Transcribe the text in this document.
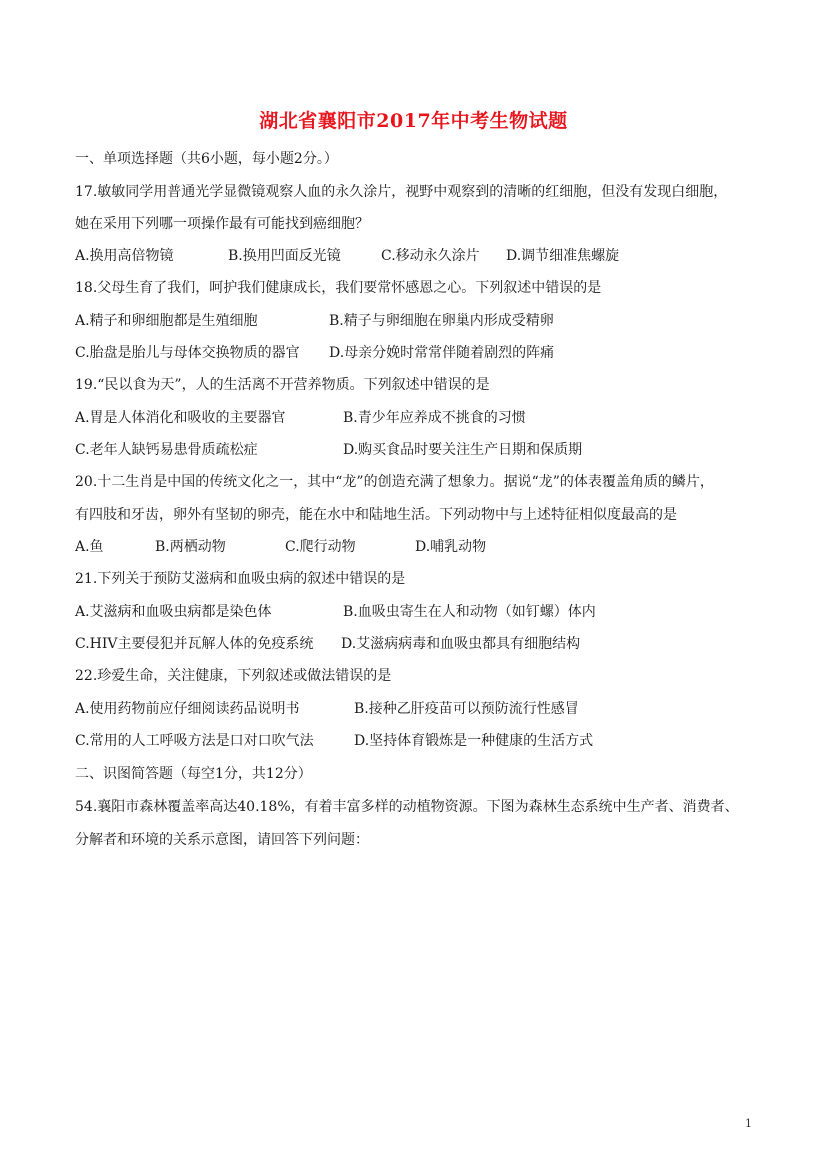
湖北省襄阳市2017年中考生物试题
一、单项选择题（共6小题，每小题2分。）
17.敏敏同学用普通光学显微镜观察人血的永久涂片，视野中观察到的清晰的红细胞，但没有发现白细胞，
她在采用下列哪一项操作最有可能找到癌细胞？
A.换用高倍物镜	B.换用凹面反光镜	C.移动永久涂片 D.调节细准焦螺旋
18.父母生育了我们，呵护我们健康成长，我们要常怀感恩之心。下列叙述中错误的是
A.精子和卵细胞都是生殖细胞	B.精子与卵细胞在卵巢内形成受精卵
C.胎盘是胎儿与母体交换物质的器官 D.母亲分娩时常常伴随着剧烈的阵痛
19.“民以食为天”，人的生活离不开营养物质。下列叙述中错误的是
A.胃是人体消化和吸收的主要器官	B.青少年应养成不挑食的习惯
C.老年人缺钙易患骨质疏松症	D.购买食品时要关注生产日期和保质期
20.十二生肖是中国的传统文化之一，其中“龙”的创造充满了想象力。据说“龙”的体表覆盖角质的鳞片，
有四肢和牙齿，卵外有坚韧的卵壳，能在水中和陆地生活。下列动物中与上述特征相似度最高的是
A.鱼	B.两栖动物	C.爬行动物	D.哺乳动物
21.下列关于预防艾滋病和血吸虫病的叙述中错误的是
A.艾滋病和血吸虫病都是染色体	B.血吸虫寄生在人和动物（如钉螺）体内
C.HIV主要侵犯并瓦解人体的免疫系统 D.艾滋病病毒和血吸虫都具有细胞结构
22.珍爱生命，关注健康，下列叙述或做法错误的是
A.使用药物前应仔细阅读药品说明书	B.接种乙肝疫苗可以预防流行性感冒
C.常用的人工呼吸方法是口对口吹气法	D.坚持体育锻炼是一种健康的生活方式
二、识图简答题（每空1分，共12分）
54.襄阳市森林覆盖率高达40.18%，有着丰富多样的动植物资源。下图为森林生态系统中生产者、消费者、
分解者和环境的关系示意图，请回答下列问题：
1
